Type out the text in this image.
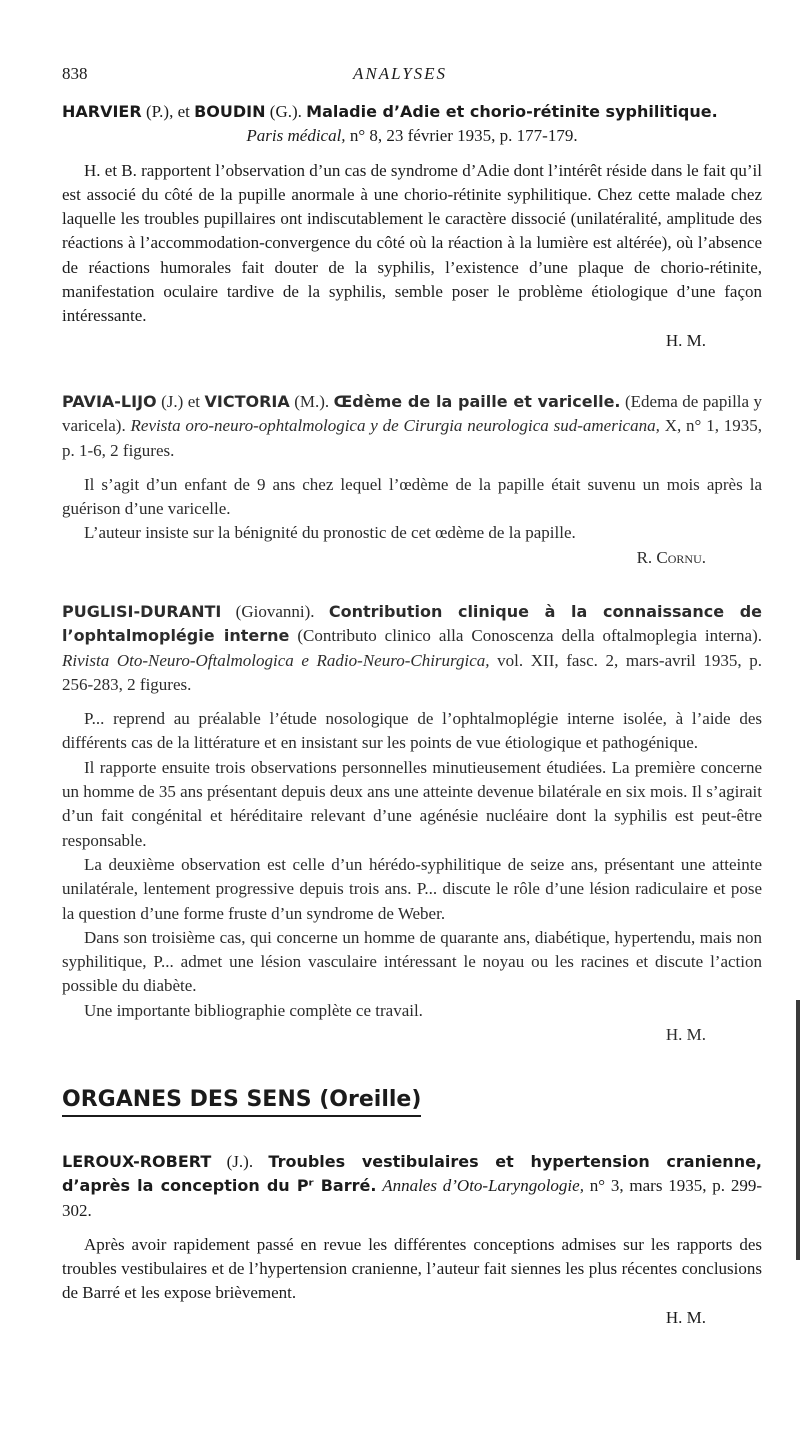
838	ANALYSES

HARVIER (P.), et BOUDIN (G.). Maladie d’Adie et chorio-rétinite syphilitique.

Paris médical, n° 8, 23 février 1935, p. 177-179.

H. et B. rapportent l’observation d’un cas de syndrome d’Adie dont l’intérêt réside dans le fait qu’il est associé du côté de la pupille anormale à une chorio-rétinite syphilitique. Chez cette malade chez laquelle les troubles pupillaires ont indiscutablement le caractère dissocié (unilatéralité, amplitude des réactions à l’accommodation-convergence du côté où la réaction à la lumière est altérée), où l’absence de réactions humorales fait douter de la syphilis, l’existence d’une plaque de chorio-rétinite, manifestation oculaire tardive de la syphilis, semble poser le problème étiologique d’une façon intéressante.

H. M.

PAVIA-LIJO (J.) et VICTORIA (M.). Œdème de la paille et varicelle. (Edema de papilla y varicela). Revista oro-neuro-ophtalmologica y de Cirurgia neurologica sud-americana, X, n° 1, 1935, p. 1-6, 2 figures.

Il s’agit d’un enfant de 9 ans chez lequel l’œdème de la papille était suvenu un mois après la guérison d’une varicelle.

L’auteur insiste sur la bénignité du pronostic de cet œdème de la papille.

R. Cornu.

PUGLISI-DURANTI (Giovanni). Contribution clinique à la connaissance de l’ophtalmoplégie interne (Contributo clinico alla Conoscenza della oftalmoplegia interna). Rivista Oto-Neuro-Oftalmologica e Radio-Neuro-Chirurgica, vol. XII, fasc. 2, mars-avril 1935, p. 256-283, 2 figures.

P... reprend au préalable l’étude nosologique de l’ophtalmoplégie interne isolée, à l’aide des différents cas de la littérature et en insistant sur les points de vue étiologique et pathogénique.

Il rapporte ensuite trois observations personnelles minutieusement étudiées. La première concerne un homme de 35 ans présentant depuis deux ans une atteinte devenue bilatérale en six mois. Il s’agirait d’un fait congénital et héréditaire relevant d’une agénésie nucléaire dont la syphilis est peut-être responsable.

La deuxième observation est celle d’un hérédo-syphilitique de seize ans, présentant une atteinte unilatérale, lentement progressive depuis trois ans. P... discute le rôle d’une lésion radiculaire et pose la question d’une forme fruste d’un syndrome de Weber.

Dans son troisième cas, qui concerne un homme de quarante ans, diabétique, hypertendu, mais non syphilitique, P... admet une lésion vasculaire intéressant le noyau ou les racines et discute l’action possible du diabète.

Une importante bibliographie complète ce travail.

H. M.

ORGANES DES SENS (Oreille)

LEROUX-ROBERT (J.). Troubles vestibulaires et hypertension cranienne, d’après la conception du Pʳ Barré. Annales d’Oto-Laryngologie, n° 3, mars 1935, p. 299-302.

Après avoir rapidement passé en revue les différentes conceptions admises sur les rapports des troubles vestibulaires et de l’hypertension cranienne, l’auteur fait siennes les plus récentes conclusions de Barré et les expose brièvement.

H. M.
